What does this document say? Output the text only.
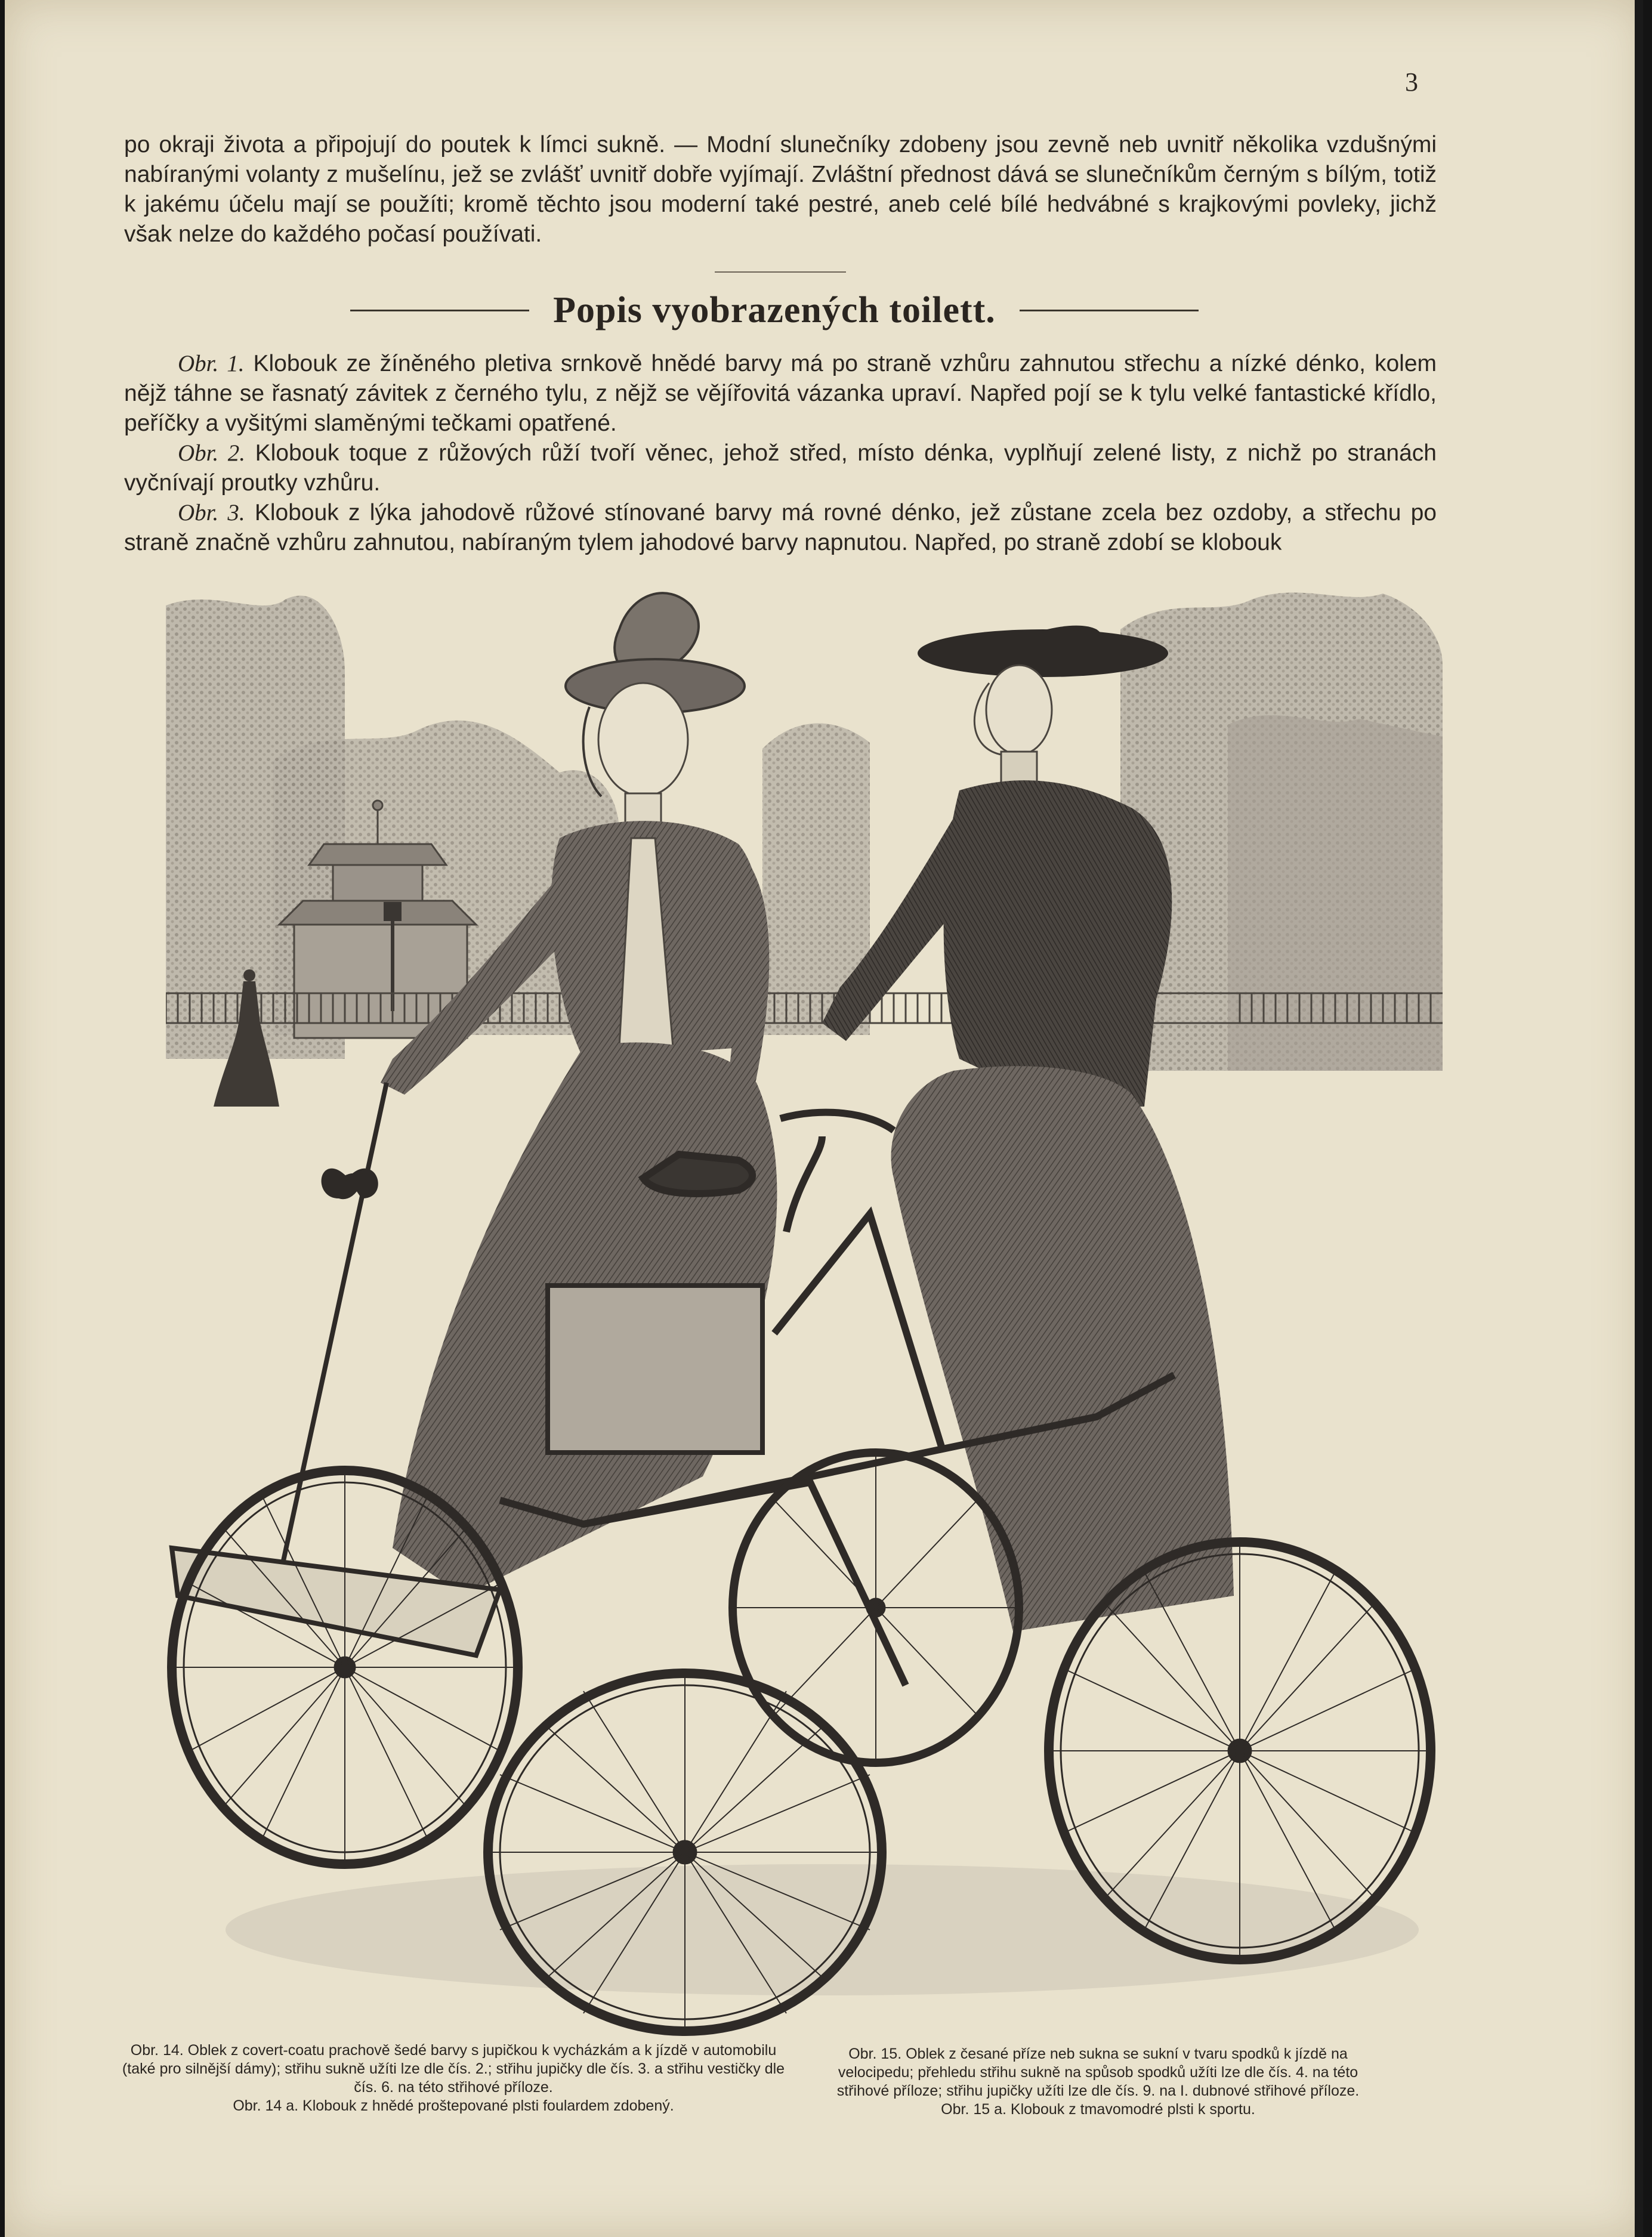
3

po okraji života a připojují do poutek k límci sukně. — Modní slunečníky zdobeny jsou zevně neb uvnitř několika vzdušnými nabíranými volanty z mušelínu, jež se zvlášť uvnitř dobře vyjímají. Zvláštní přednost dává se slunečníkům černým s bílým, totiž k jakému účelu mají se použíti; kromě těchto jsou moderní také pestré, aneb celé bílé hedvábné s krajkovými povleky, jichž však nelze do každého počasí používati.

Popis vyobrazených toilett.

Obr. 1. Klobouk ze žíněného pletiva srnkově hnědé barvy má po straně vzhůru zahnutou střechu a nízké dénko, kolem nějž táhne se řasnatý závitek z černého tylu, z nějž se vějířovitá vázanka upraví. Napřed pojí se k tylu velké fantastické křídlo, peříčky a vyšitými slaměnými tečkami opatřené.

Obr. 2. Klobouk toque z růžových růží tvoří věnec, jehož střed, místo dénka, vyplňují zelené listy, z nichž po stranách vyčnívají proutky vzhůru.

Obr. 3. Klobouk z lýka jahodově růžové stínované barvy má rovné dénko, jež zůstane zcela bez ozdoby, a střechu po straně značně vzhůru zahnutou, nabíraným tylem jahodové barvy napnutou. Napřed, po straně zdobí se klobouk

Obr. 14. Oblek z covert-coatu prachově šedé barvy s jupičkou k vycházkám a k jízdě v automobilu (také pro silnější dámy); střihu sukně užíti lze dle čís. 2.; střihu jupičky dle čís. 3. a střihu vestičky dle čís. 6. na této střihové příloze.

Obr. 14 a. Klobouk z hnědé proštepované plsti foulardem zdobený.

Obr. 15. Oblek z česané příze neb sukna se sukní v tvaru spodků k jízdě na velocipedu; přehledu střihu sukně na spůsob spodků užíti lze dle čís. 4. na této střihové příloze; střihu jupičky užíti lze dle čís. 9. na I. dubnové střihové příloze.

Obr. 15 a. Klobouk z tmavomodré plsti k sportu.
